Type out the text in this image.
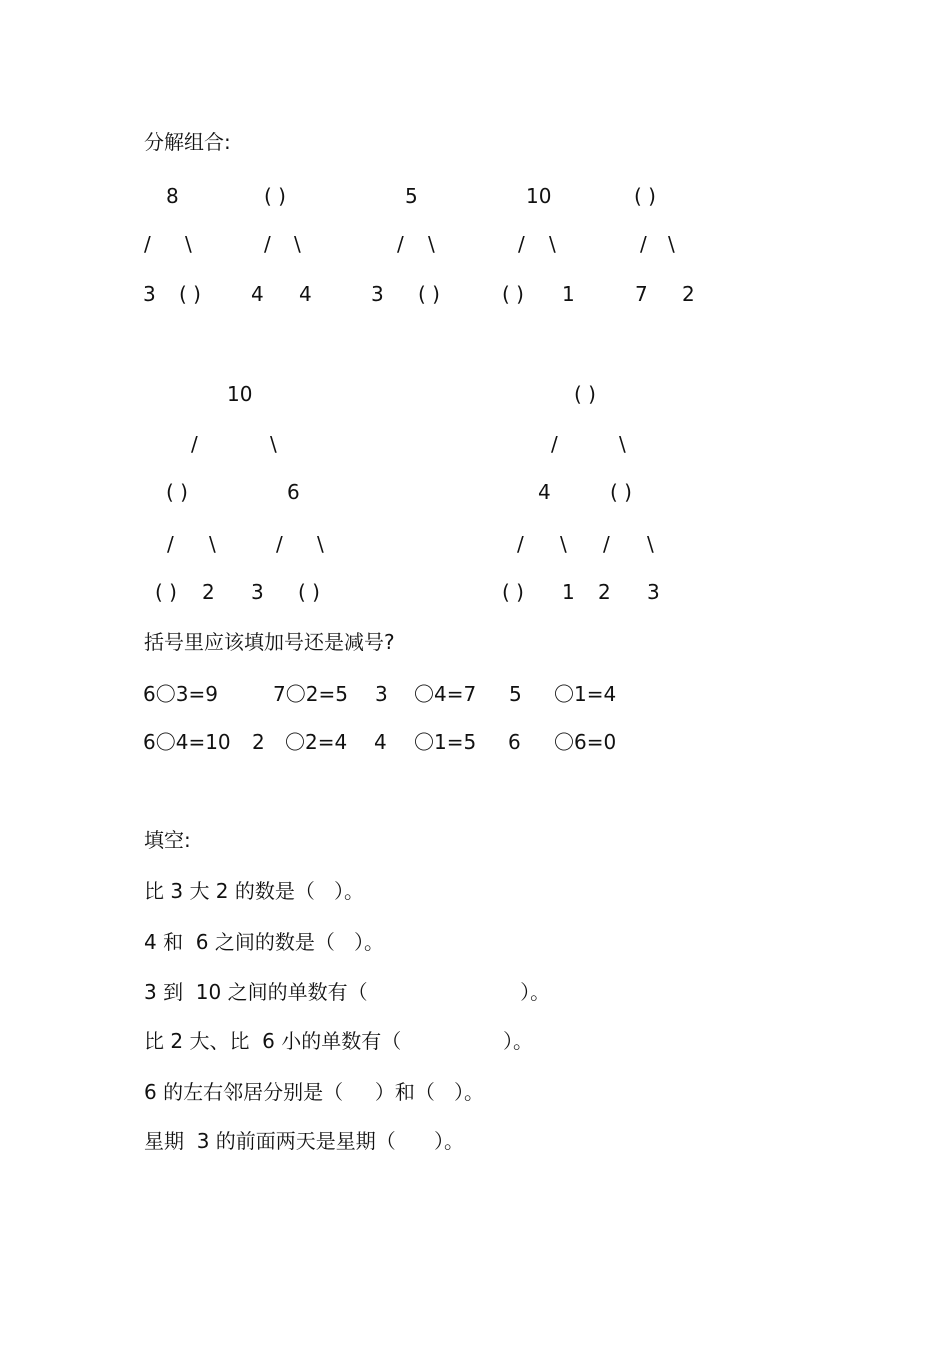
分解组合:
8	( )	5	10	( )
/ \	/ \	/ \	/ \	/ \
3 ( )	4 4	3 ( )	( ) 1	7 2
10
/	\
( )	6
/ \	/ \
( ) 2 3 ( )
( )
/	\
4	( )
/ \ / \
( ) 1 2 3
括号里应该填加号还是减号?
6〇3=9	7〇2=5 3 〇4=7 5 〇1=4
6〇4=10 2 〇2=4 4 〇1=5 6 〇6=0
填空:
比 3 大 2 的数是（   ）。
4 和  6 之间的数是（   ）。
3 到  10 之间的单数有（                        ）。
比 2 大、比  6 小的单数有（                ）。
6 的左右邻居分别是（     ）和（   ）。
星期  3 的前面两天是星期（      ）。
